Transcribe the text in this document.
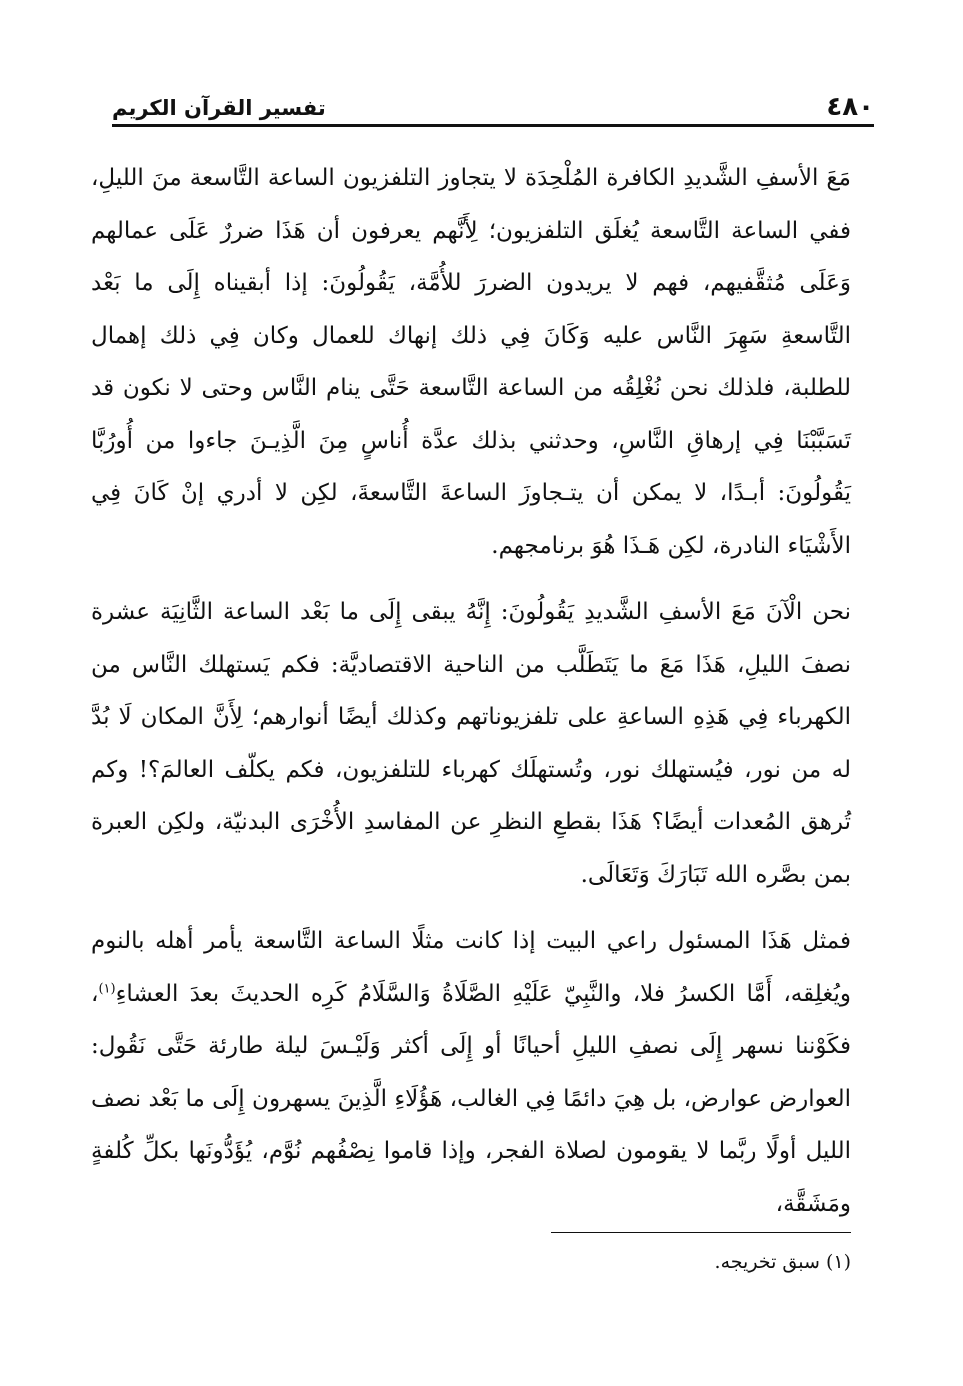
٤٨٠
تفسير القرآن الكريم

مَعَ الأسفِ الشَّديدِ الكافرة المُلْحِدَة لا يتجاوز التلفزيون الساعة التَّاسعة منَ الليلِ، ففي الساعة التَّاسعة يُغلَق التلفزيون؛ لِأَنَّهم يعرفون أن هَذَا ضررٌ عَلَى عمالهم وَعَلَى مُثقَّفيهم، فهم لا يريدون الضررَ للأُمَّة، يَقُولُونَ: إذا أبقيناه إِلَى ما بَعْد التَّاسعةِ سَهِرَ النَّاس عليه وَكَانَ فِي ذلك إنهاك للعمال وكان فِي ذلك إهمال للطلبة، فلذلك نحن نُغْلِقُه من الساعة التَّاسعة حَتَّى ينام النَّاس وحتى لا نكون قد تَسَبَّبْنَا فِي إرهاقِ النَّاسِ، وحدثني بذلك عدَّة أُناسٍ مِنَ الَّذِيـنَ جاءوا من أُورُبَّا يَقُولُونَ: أبـدًا، لا يمكن أن يتـجاوزَ الساعةَ التَّاسعةَ، لكِن لا أدري إنْ كَانَ فِي الأَشْيَاء النادرة، لكِن هَـذَا هُوَ برنامجهم.

نحن الْآنَ مَعَ الأسفِ الشَّديدِ يَقُولُونَ: إِنَّهُ يبقى إِلَى ما بَعْد الساعة الثَّانِيَة عشرة نصفَ الليلِ، هَذَا مَعَ ما يَتَطَلَّب من الناحية الاقتصاديَّة: فكم يَستهلك النَّاس من الكهرباء فِي هَذِهِ الساعةِ على تلفزيوناتهم وكذلك أيضًا أنوارهم؛ لِأَنَّ المكان لَا بُدَّ له من نور، فيُستهلك نور، وتُستهلَك كهرباء للتلفزيون، فكم يكلّف العالمَ؟! وكم تُرهق المُعدات أيضًا؟ هَذَا بقطعِ النظرِ عن المفاسدِ الأُخْرَى البدنيّة، ولكِن العبرة بمن بصَّره الله تَبَارَكَ وَتَعَالَى.

فمثل هَذَا المسئول راعي البيت إذا كانت مثلًا الساعة التَّاسعة يأمر أهله بالنوم ويُغلِقه، أَمَّا الكسرُ فلا، والنَّبِيّ عَلَيْهِ الصَّلَاةُ وَالسَّلَامُ كَرِه الحديثَ بعدَ العشاءِ$^{(١)}$، فكَوْننا نسهر إِلَى نصفِ الليلِ أحيانًا أو إِلَى أكثر وَلَيْـسَ ليلة طارئة حَتَّى نَقُول: العوارض عوارض، بل هِيَ دائمًا فِي الغالب، هَؤُلَاءِ الَّذِينَ يسهرون إِلَى ما بَعْد نصف الليل أولًا ربَّما لا يقومون لصلاة الفجر، وإذا قاموا نِصْفُهم نُوَّم، يُؤَدُّونَها بكلِّ كُلفةٍ ومَشَقَّة،

(١) سبق تخريجه.
